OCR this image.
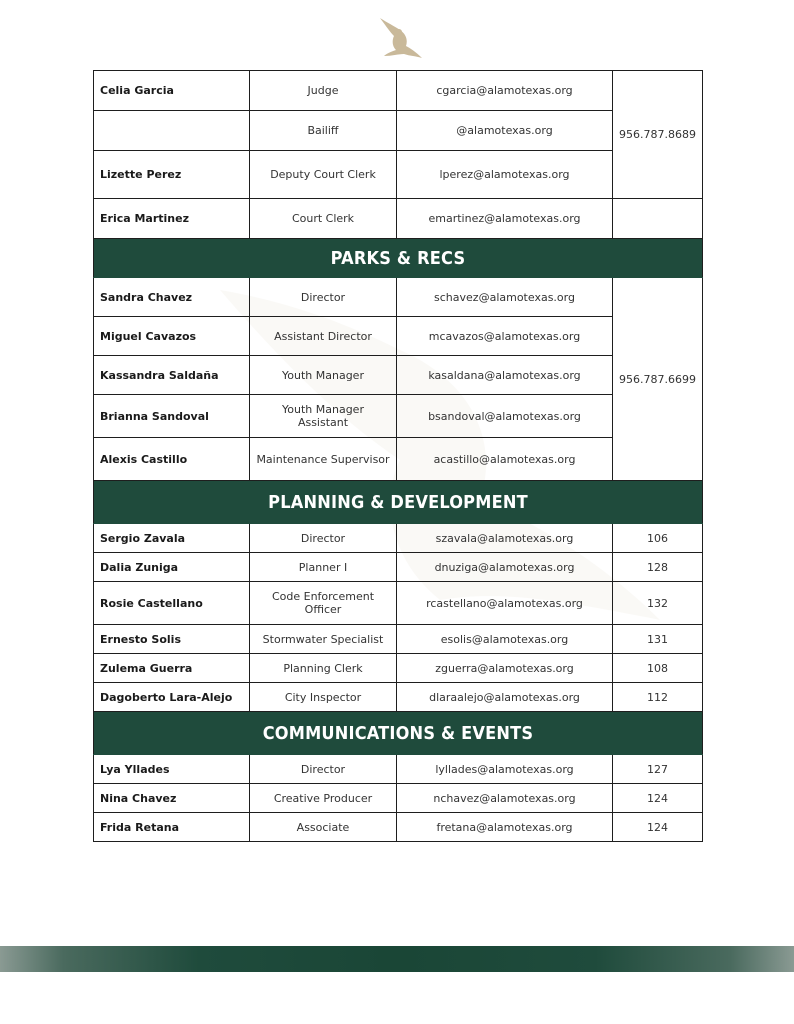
Celia Garcia	Judge	cgarcia@alamotexas.org	956.787.8689
	Bailiff	@alamotexas.org	
Lizette Perez	Deputy Court Clerk	lperez@alamotexas.org	
Erica Martinez	Court Clerk	emartinez@alamotexas.org	
PARKS & RECS			
Sandra Chavez	Director	schavez@alamotexas.org	956.787.6699
Miguel Cavazos	Assistant Director	mcavazos@alamotexas.org	
Kassandra Saldaña	Youth Manager	kasaldana@alamotexas.org	
Brianna Sandoval	Youth Manager Assistant	bsandoval@alamotexas.org	
Alexis Castillo	Maintenance Supervisor	acastillo@alamotexas.org	
PLANNING & DEVELOPMENT			
Sergio Zavala	Director	szavala@alamotexas.org	106
Dalia Zuniga	Planner I	dnuziga@alamotexas.org	128
Rosie Castellano	Code Enforcement Officer	rcastellano@alamotexas.org	132
Ernesto Solis	Stormwater Specialist	esolis@alamotexas.org	131
Zulema Guerra	Planning Clerk	zguerra@alamotexas.org	108
Dagoberto Lara-Alejo	City Inspector	dlaraalejo@alamotexas.org	112
COMMUNICATIONS & EVENTS			
Lya Yllades	Director	lyllades@alamotexas.org	127
Nina Chavez	Creative Producer	nchavez@alamotexas.org	124
Frida Retana	Associate	fretana@alamotexas.org	124
